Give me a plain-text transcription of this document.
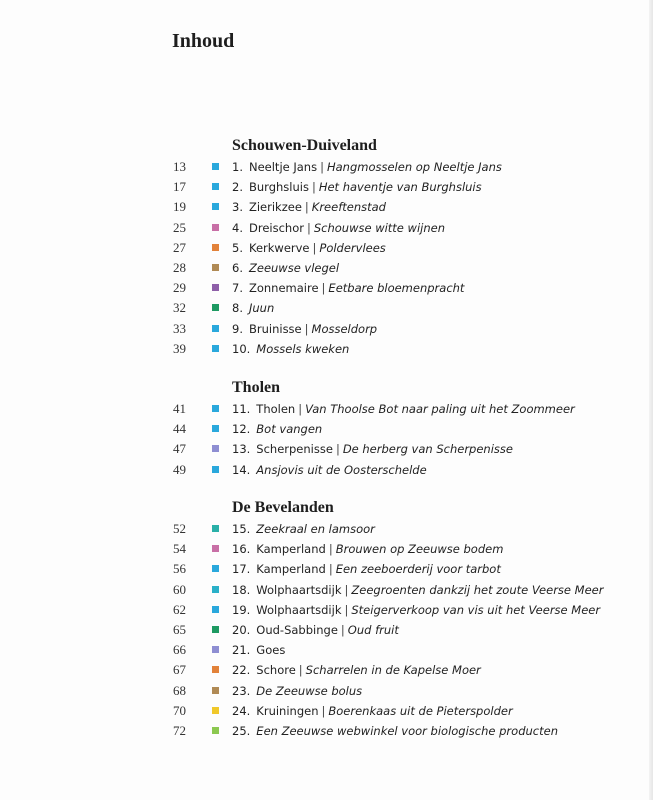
Inhoud
Schouwen-Duiveland
13	1. Neeltje Jans | Hangmosselen op Neeltje Jans
17	2. Burghsluis | Het haventje van Burghsluis
19	3. Zierikzee | Kreeftenstad
25	4. Dreischor | Schouwse witte wijnen
27	5. Kerkwerve | Poldervlees
28	6. Zeeuwse vlegel
29	7. Zonnemaire | Eetbare bloemenpracht
32	8. Juun
33	9. Bruinisse | Mosseldorp
39	10. Mossels kweken
Tholen
41	11. Tholen | Van Thoolse Bot naar paling uit het Zoommeer
44	12. Bot vangen
47	13. Scherpenisse | De herberg van Scherpenisse
49	14. Ansjovis uit de Oosterschelde
De Bevelanden
52	15. Zeekraal en lamsoor
54	16. Kamperland | Brouwen op Zeeuwse bodem
56	17. Kamperland | Een zeeboerderij voor tarbot
60	18. Wolphaartsdijk | Zeegroenten dankzij het zoute Veerse Meer
62	19. Wolphaartsdijk | Steigerverkoop van vis uit het Veerse Meer
65	20. Oud-Sabbinge | Oud fruit
66	21. Goes
67	22. Schore | Scharrelen in de Kapelse Moer
68	23. De Zeeuwse bolus
70	24. Kruiningen | Boerenkaas uit de Pieterspolder
72	25. Een Zeeuwse webwinkel voor biologische producten
